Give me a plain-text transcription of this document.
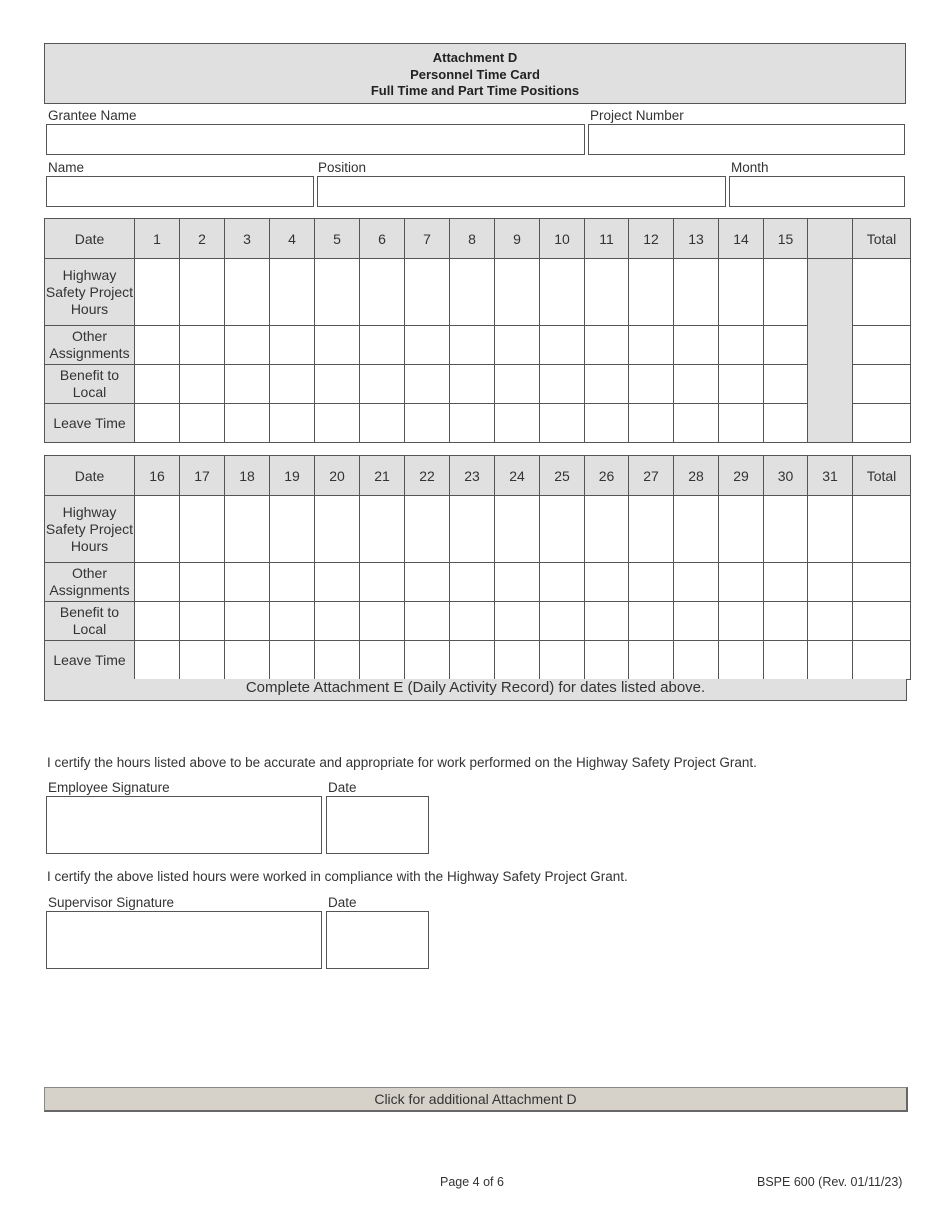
Attachment D
Personnel Time Card
Full Time and Part Time Positions
Grantee Name	Project Number
Name	Position	Month
Date	1	2	3	4	5	6	7	8	9	10	11	12	13	14	15		Total
Highway Safety Project Hours																	
Other Assignments																	
Benefit to Local																	
Leave Time																	
Date	16	17	18	19	20	21	22	23	24	25	26	27	28	29	30	31	Total
Highway Safety Project Hours																	
Other Assignments																	
Benefit to Local																	
Leave Time																	
Complete Attachment E (Daily Activity Record) for dates listed above.
I certify the hours listed above to be accurate and appropriate for work performed on the Highway Safety Project Grant.
Employee Signature	Date
I certify the above listed hours were worked in compliance with the Highway Safety Project Grant.
Supervisor Signature	Date
Click for additional Attachment D
Page 4 of 6	BSPE 600 (Rev. 01/11/23)
